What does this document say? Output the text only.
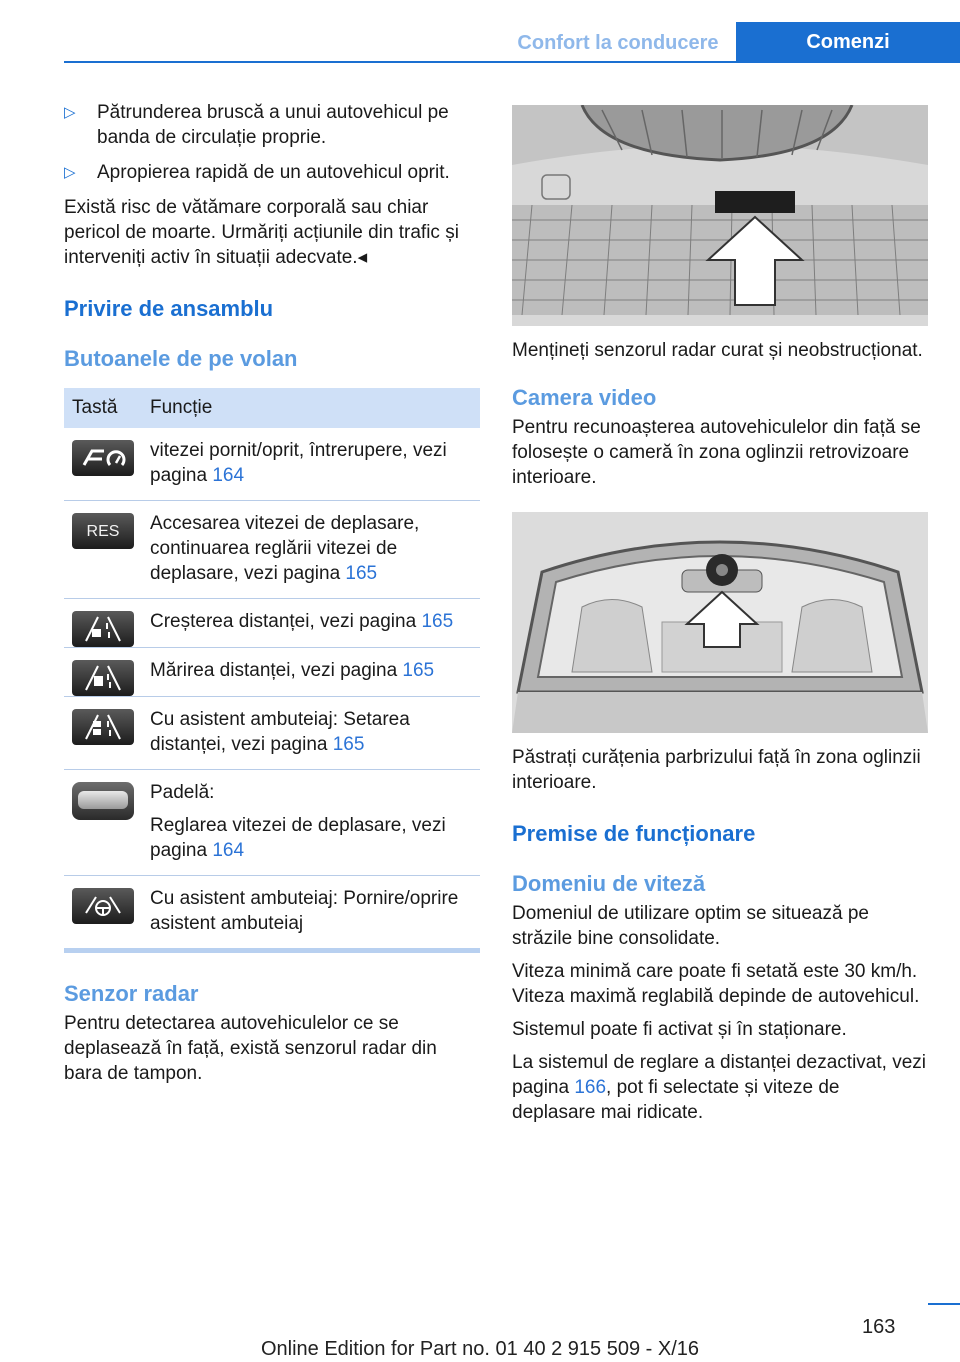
Confort la conducere	Comenzi
▷ Pătrunderea bruscă a unui autovehicul pe banda de circulație proprie.
▷ Apropierea rapidă de un autovehicul oprit.

Există risc de vătămare corporală sau chiar pericol de moarte. Urmăriți acțiunile din trafic și interveniți activ în situații adecvate.◂

Privire de ansamblu
Butoanele de pe volan
Tastă	Funcție

	vitezei pornit/oprit, întrerupere, vezi pagina 164

RES	Accesarea vitezei de deplasare, continuarea reglării vitezei de deplasare, vezi pagina 165

	Creșterea distanței, vezi pagina 165

	Mărirea distanței, vezi pagina 165

	Cu asistent ambuteiaj: Setarea distanței, vezi pagina 165

	Padelă:
Reglarea vitezei de deplasare, vezi pagina 164

	Cu asistent ambuteiaj: Pornire/oprire asistent ambuteiaj
Senzor radar

Pentru detectarea autovehiculelor ce se deplasează în față, există senzorul radar din bara de tampon.

Mențineți senzorul radar curat și neobstrucționat.

Camera video

Pentru recunoașterea autovehiculelor din față se folosește o cameră în zona oglinzii retrovizoare interioare.

Păstrați curățenia parbrizului față în zona oglinzii interioare.

Premise de funcționare
Domeniu de viteză

Domeniul de utilizare optim se situează pe străzile bine consolidate.

Viteza minimă care poate fi setată este 30 km/h. Viteza maximă reglabilă depinde de autovehicul.

Sistemul poate fi activat și în staționare.

La sistemul de reglare a distanței dezactivat, vezi pagina 166, pot fi selectate și viteze de deplasare mai ridicate.

163
Online Edition for Part no. 01 40 2 915 509 - X/16
